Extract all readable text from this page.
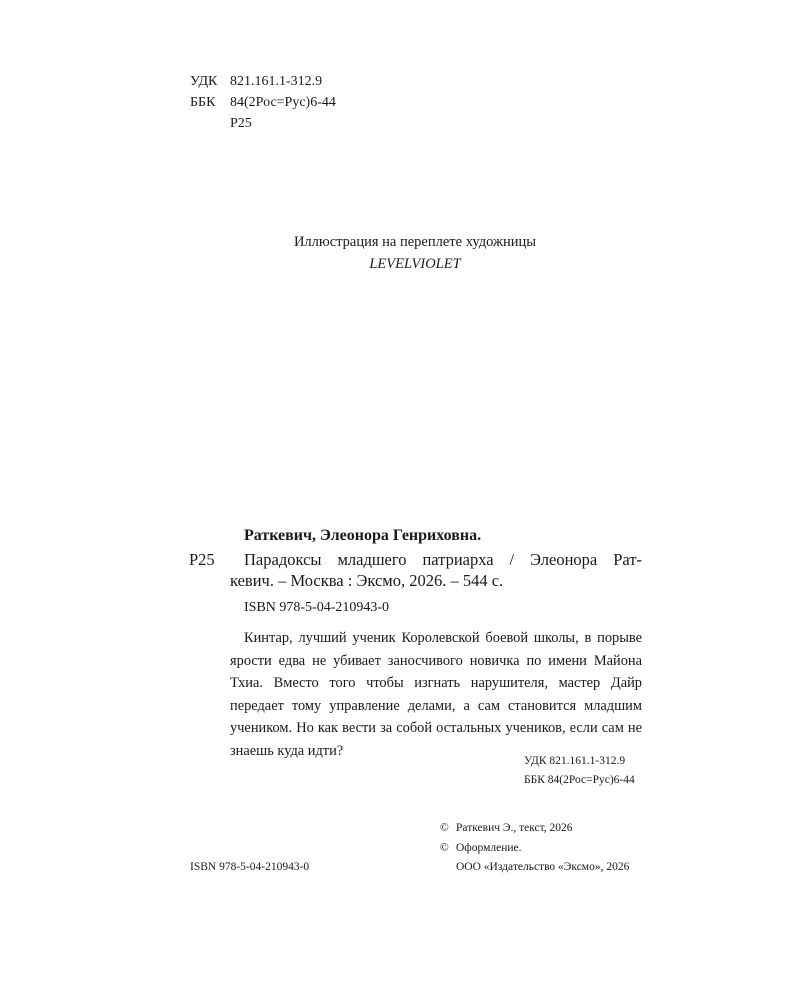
УДК 821.161.1-312.9
ББК 84(2Рос=Рус)6-44
Р25
Иллюстрация на переплете художницы
LEVELVIOLET
Раткевич, Элеонора Генриховна.
Р25 Парадоксы младшего патриарха / Элеонора Рат-
кевич. – Москва : Эксмо, 2026. – 544 с.
ISBN 978-5-04-210943-0
Кинтар, лучший ученик Королевской боевой школы, в порыве ярости едва не убивает заносчивого новичка по имени Майона Тхиа. Вместо того чтобы изгнать нарушителя, мастер Дайр передает тому управление делами, а сам становится младшим учеником. Но как вести за собой остальных учеников, если сам не знаешь куда идти?
УДК 821.161.1-312.9
ББК 84(2Рос=Рус)6-44
© Раткевич Э., текст, 2026
© Оформление.
ISBN 978-5-04-210943-0	ООО «Издательство «Эксмо», 2026
